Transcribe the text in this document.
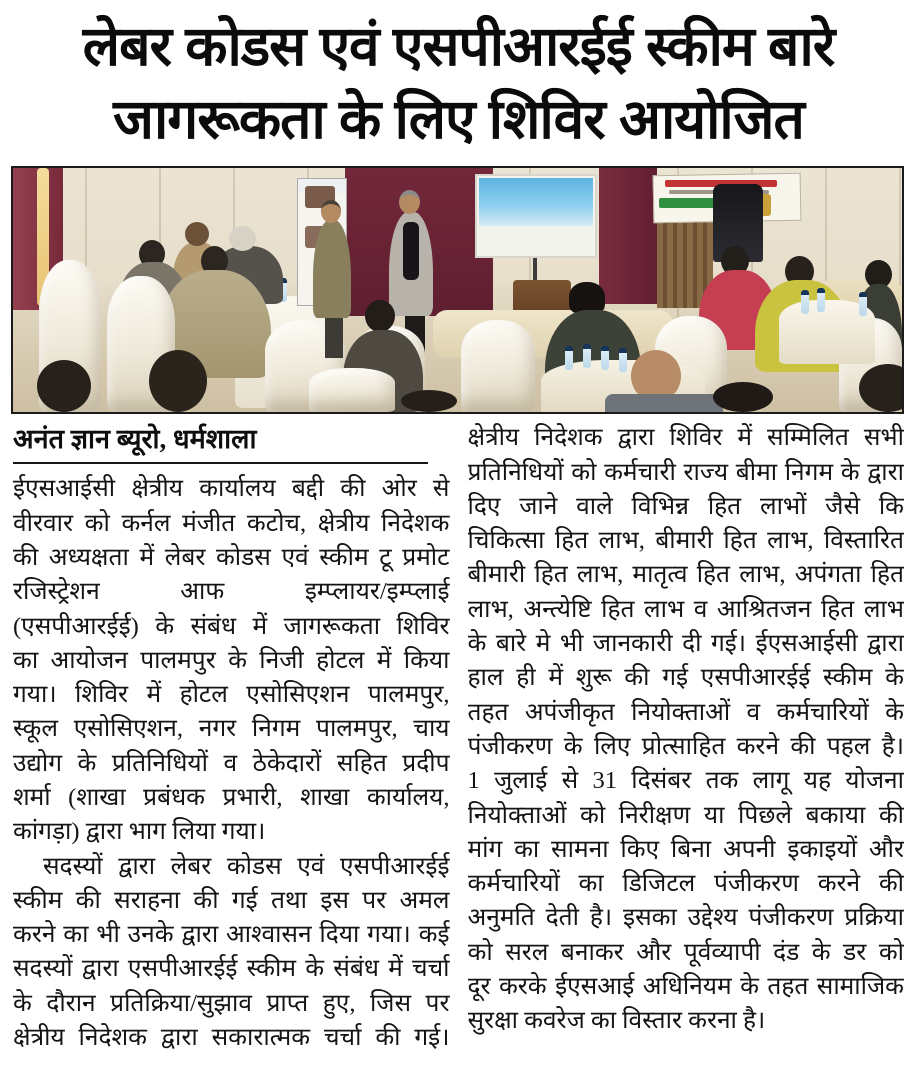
लेबर कोडस एवं एसपीआरईई स्कीम बारे
जागरूकता के लिए शिविर आयोजित
अनंत ज्ञान ब्यूरो, धर्मशाला
ईएसआईसी क्षेत्रीय कार्यालय बद्दी की ओर से
वीरवार को कर्नल मंजीत कटोच, क्षेत्रीय निदेशक
की अध्यक्षता में लेबर कोडस एवं स्कीम टू प्रमोट
रजिस्ट्रेशन आफ इम्प्लायर/इम्प्लाई
(एसपीआरईई) के संबंध में जागरूकता शिविर
का आयोजन पालमपुर के निजी होटल में किया
गया। शिविर में होटल एसोसिएशन पालमपुर,
स्कूल एसोसिएशन, नगर निगम पालमपुर, चाय
उद्योग के प्रतिनिधियों व ठेकेदारों सहित प्रदीप
शर्मा (शाखा प्रबंधक प्रभारी, शाखा कार्यालय,
कांगड़ा) द्वारा भाग लिया गया।
सदस्यों द्वारा लेबर कोडस एवं एसपीआरईई
स्कीम की सराहना की गई तथा इस पर अमल
करने का भी उनके द्वारा आश्वासन दिया गया। कई
सदस्यों द्वारा एसपीआरईई स्कीम के संबंध में चर्चा
के दौरान प्रतिक्रिया/सुझाव प्राप्त हुए, जिस पर
क्षेत्रीय निदेशक द्वारा सकारात्मक चर्चा की गई।
क्षेत्रीय निदेशक द्वारा शिविर में सम्मिलित सभी
प्रतिनिधियों को कर्मचारी राज्य बीमा निगम के द्वारा
दिए जाने वाले विभिन्न हित लाभों जैसे कि
चिकित्सा हित लाभ, बीमारी हित लाभ, विस्तारित
बीमारी हित लाभ, मातृत्व हित लाभ, अपंगता हित
लाभ, अन्त्येष्टि हित लाभ व आश्रितजन हित लाभ
के बारे मे भी जानकारी दी गई। ईएसआईसी द्वारा
हाल ही में शुरू की गई एसपीआरईई स्कीम के
तहत अपंजीकृत नियोक्ताओं व कर्मचारियों के
पंजीकरण के लिए प्रोत्साहित करने की पहल है।
1 जुलाई से 31 दिसंबर तक लागू यह योजना
नियोक्ताओं को निरीक्षण या पिछले बकाया की
मांग का सामना किए बिना अपनी इकाइयों और
कर्मचारियों का डिजिटल पंजीकरण करने की
अनुमति देती है। इसका उद्देश्य पंजीकरण प्रक्रिया
को सरल बनाकर और पूर्वव्यापी दंड के डर को
दूर करके ईएसआई अधिनियम के तहत सामाजिक
सुरक्षा कवरेज का विस्तार करना है।
